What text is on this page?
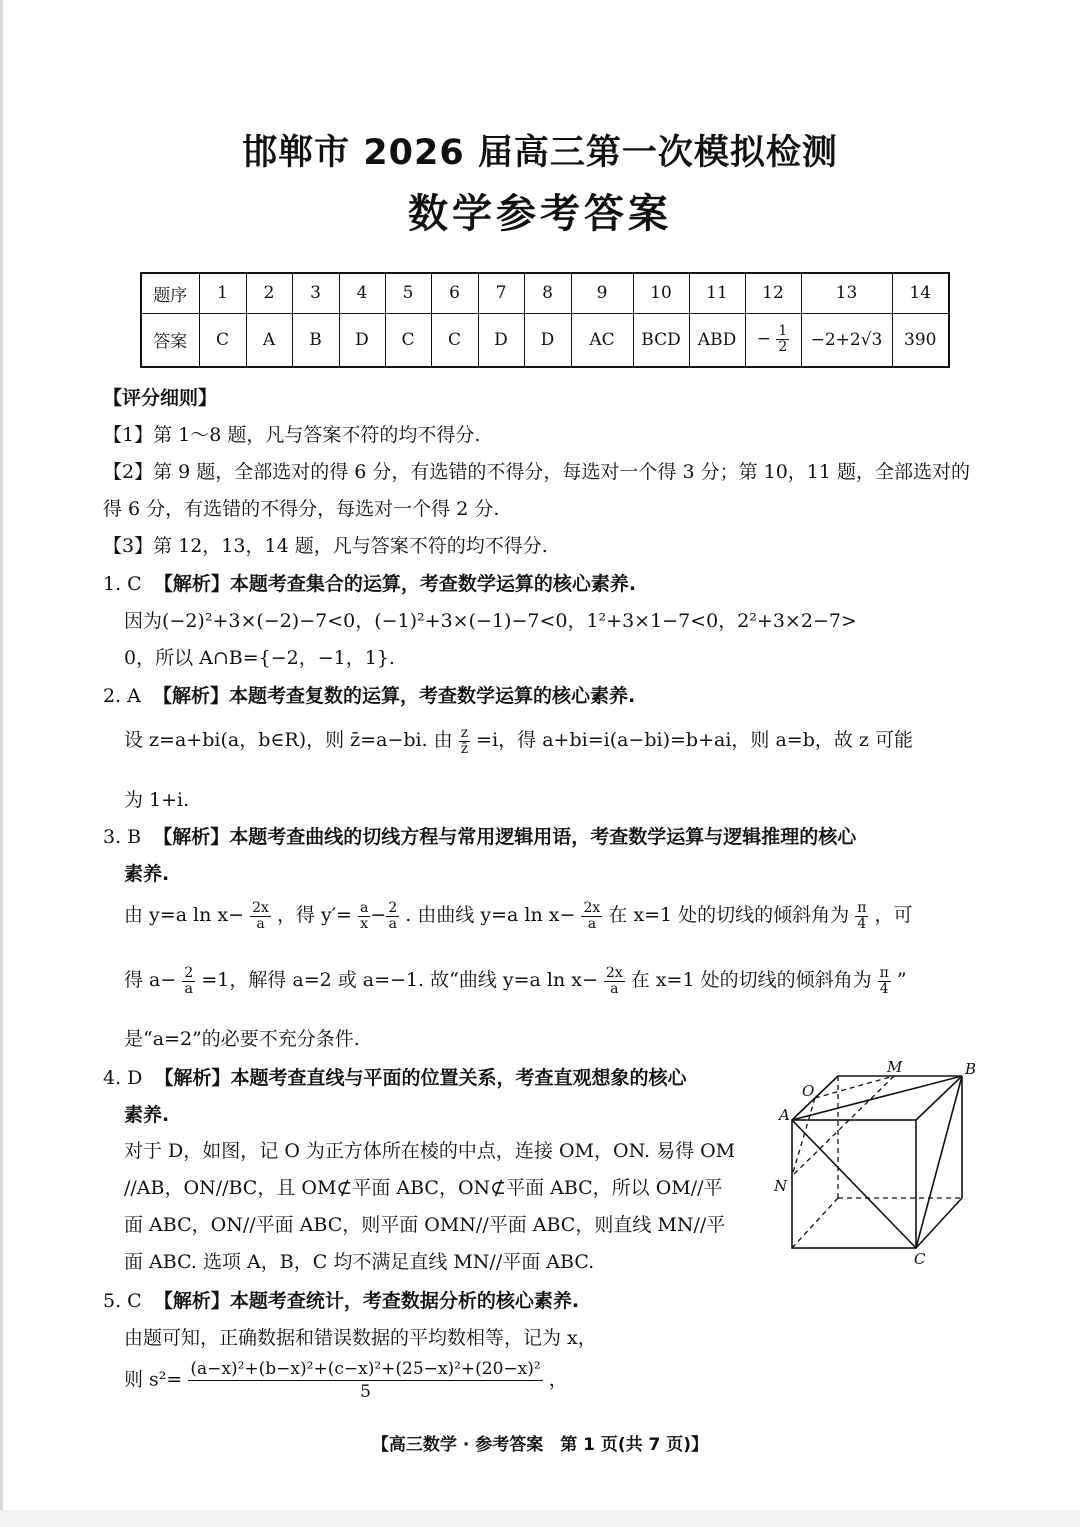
邯郸市 2026 届高三第一次模拟检测
数学参考答案
题序	1	2	3	4	5	6	7	8	9	10	11	12	13	14
答案	C	A	B	D	C	C	D	D	AC	BCD	ABD	− $\frac{1}{2}$	−2+2√3	390
【评分细则】
【1】第 1～8 题，凡与答案不符的均不得分.
【2】第 9 题，全部选对的得 6 分，有选错的不得分，每选对一个得 3 分；第 10，11 题，全部选对的
得 6 分，有选错的不得分，每选对一个得 2 分.
【3】第 12，13，14 题，凡与答案不符的均不得分.
1. C 【解析】本题考查集合的运算，考查数学运算的核心素养.
因为(−2)²+3×(−2)−7<0，(−1)²+3×(−1)−7<0，1²+3×1−7<0，2²+3×2−7>
0，所以 A∩B={−2，−1，1}.
2. A 【解析】本题考查复数的运算，考查数学运算的核心素养.
设 z=a+bi(a，b∈R)，则 z̄=a−bi. 由 $\frac{z}{z̄} =i$，得 a+bi=i(a−bi)=b+ai，则 a=b，故 z 可能
为 1+i.
3. B 【解析】本题考查曲线的切线方程与常用逻辑用语，考查数学运算与逻辑推理的核心
素养.
由 y=a $\ln x- \frac{2x}{a}$ ，得 $y'= \frac{a}{x} - \frac{2}{a}$ . 由曲线 y=a $\ln x- \frac{2x}{a}$ 在 x=1 处的切线的倾斜角为 $\frac{\pi}{4}$ ，可
得 $a- \frac{2}{a} =1$，解得 a=2 或 a=−1. 故“曲线 y=a $\ln x- \frac{2x}{a}$ 在 x=1 处的切线的倾斜角为 $\frac{\pi}{4}$ ”
是“a=2”的必要不充分条件.
4. D 【解析】本题考查直线与平面的位置关系，考查直观想象的核心
素养.
对于 D，如图，记 O 为正方体所在棱的中点，连接 OM，ON. 易得 OM
//AB，ON//BC，且 OM⊄平面 ABC，ON⊄平面 ABC，所以 OM//平
面 ABC，ON//平面 ABC，则平面 OMN//平面 ABC，则直线 MN//平
面 ABC. 选项 A，B，C 均不满足直线 MN//平面 ABC.
M	B
O
A
N
C
5. C 【解析】本题考查统计，考查数据分析的核心素养.
由题可知，正确数据和错误数据的平均数相等，记为 x，
则 $s^2= \frac{\text{(a−x)²+(b−x)²+(c−x)²+(25−x)²+(20−x)²}}{5}$ ，
【高三数学 · 参考答案　第 1 页(共 7 页)】
